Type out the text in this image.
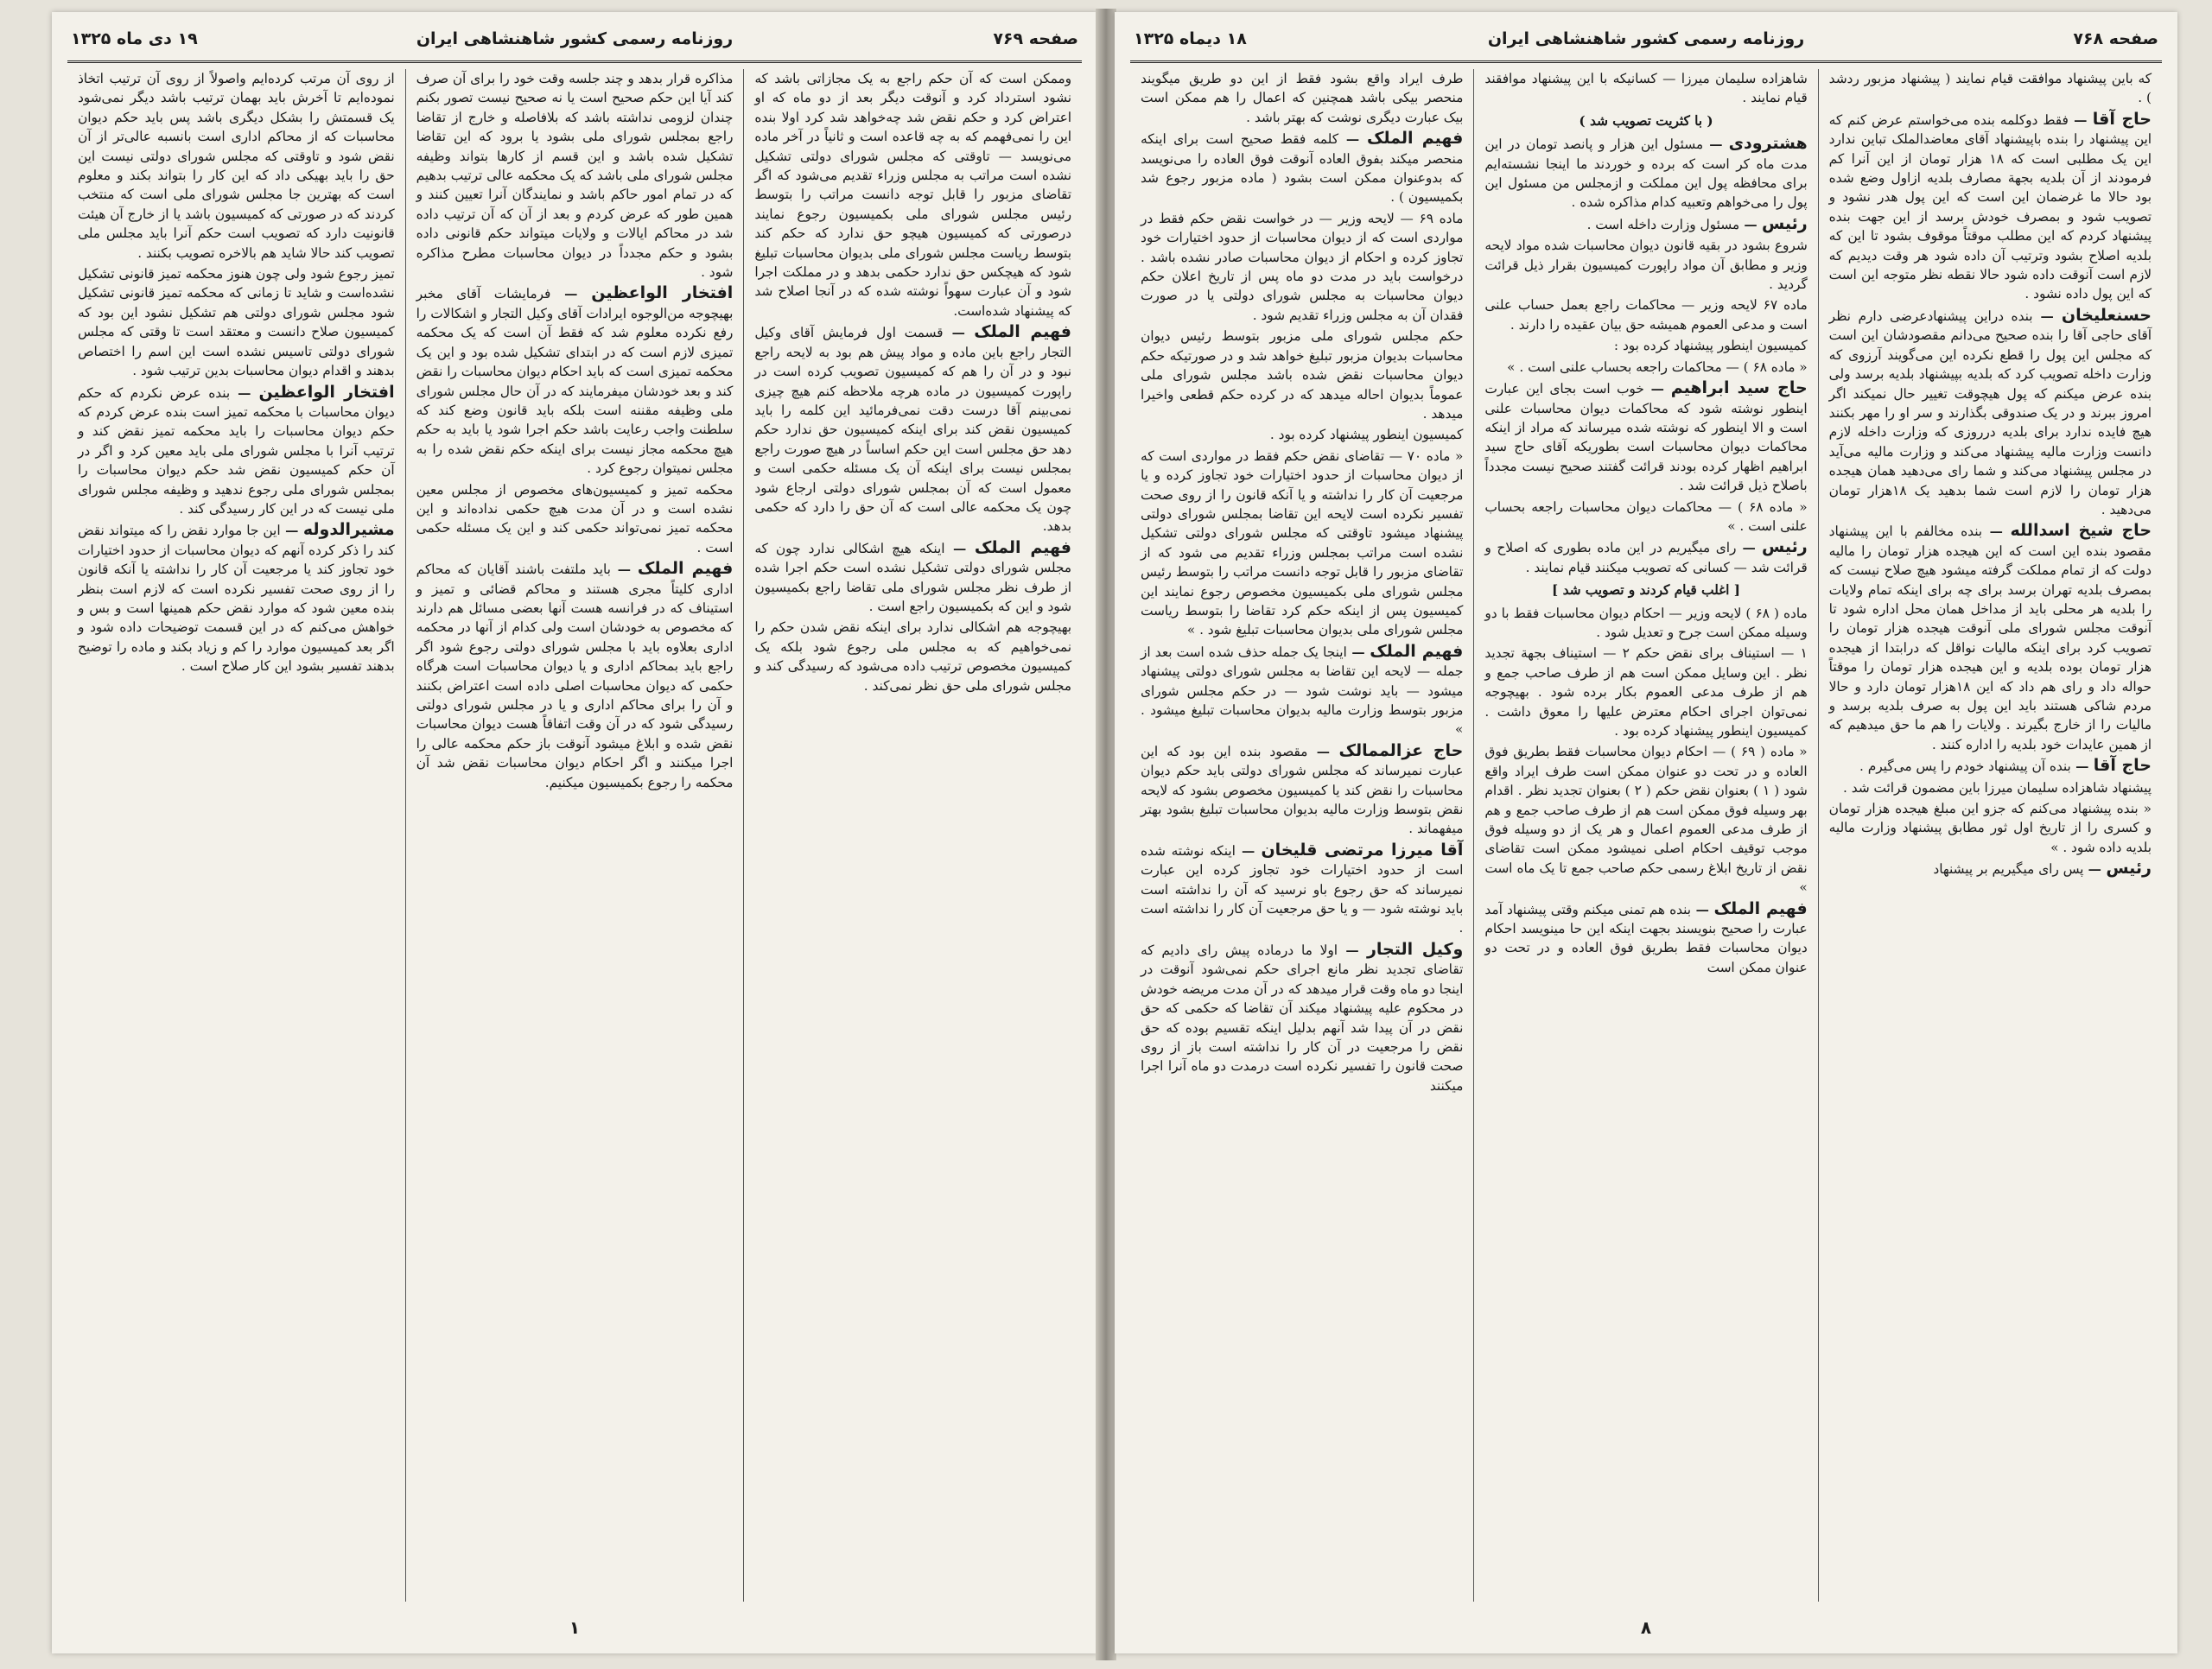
صفحه ۷۶۹
روزنامه رسمی کشور شاهنشاهی ایران
۱۹ دی ماه ۱۳۲۵

وممکن است که آن حکم راجع به یک مجازاتی باشد که نشود استرداد کرد و آنوقت دیگر بعد از دو ماه که او اعتراض کرد و حکم نقض شد چه‌خواهد شد کرد اولا بنده این را نمی‌فهمم که به چه قاعده است و ثانیاً در آخر ماده می‌نویسد — تاوقتی که مجلس شورای دولتی تشکیل نشده است مراتب به مجلس وزراء تقدیم می‌شود که اگر تقاضای مزبور را قابل توجه دانست مراتب را بتوسط رئیس مجلس شورای ملی بکمیسیون رجوع نمایند درصورتی که کمیسیون هیچو حق ندارد که حکم کند بتوسط ریاست مجلس شورای ملی بدیوان محاسبات تبلیغ شود که هیچکس حق ندارد حکمی بدهد و در مملکت اجرا شود و آن عبارت سهواً نوشته شده که در آنجا اصلاح شد که پیشنهاد شده‌است.

فهیم الملک — قسمت اول فرمایش آقای وکیل التجار راجع باین ماده و مواد پیش هم بود به لایحه راجع نبود و در آن را هم که کمیسیون تصویب کرده است در راپورت کمیسیون در ماده هرچه ملاحظه کنم هیچ چیزی نمی‌بینم آقا درست دقت نمی‌فرمائید این کلمه را باید کمیسیون نقض کند برای اینکه کمیسیون حق ندارد حکم دهد حق مجلس است این حکم اساساً در هیچ صورت راجع بمجلس نیست برای اینکه آن یک مسئله حکمی است و معمول است که آن بمجلس شورای دولتی ارجاع شود چون یک محکمه عالی است که آن حق را دارد که حکمی بدهد.

فهیم الملک — اینکه هیچ اشکالی ندارد چون که مجلس شورای دولتی تشکیل نشده است حکم اجرا شده از طرف نظر مجلس شورای ملی تقاضا راجع بکمیسیون شود و این که بکمیسیون راجع است .

بهیچوجه هم اشکالی ندارد برای اینکه نقض شدن حکم را نمی‌خواهیم که به مجلس ملی رجوع شود بلکه یک کمیسیون مخصوص ترتیب داده می‌شود که رسیدگی کند و مجلس شورای ملی حق نظر نمی‌کند .

مذاکره قرار بدهد و چند جلسه وقت خود را برای آن صرف کند آیا این حکم صحیح است یا نه صحیح نیست تصور بکنم چندان لزومی نداشته باشد که بلافاصله و خارج از تقاضا راجع بمجلس شورای ملی بشود یا برود که این تقاضا تشکیل شده باشد و این قسم از کارها بتواند وظیفه مجلس شورای ملی باشد که یک محکمه عالی ترتیب بدهیم که در تمام امور حاکم باشد و نمایندگان آنرا تعیین کنند و همین طور که عرض کردم و بعد از آن که آن ترتیب داده شد در محاکم ایالات و ولایات میتواند حکم قانونی داده بشود و حکم مجدداً در دیوان محاسبات مطرح مذاکره شود .

افتخار الواعظین — فرمایشات آقای مخبر بهیچوجه من‌الوجوه ایرادات آقای وکیل التجار و اشکالات را رفع نکرده معلوم شد که فقط آن است که یک محکمه تمیزی لازم است که در ابتدای تشکیل شده بود و این یک محکمه تمیزی است که باید احکام دیوان محاسبات را نقض کند و بعد خودشان میفرمایند که در آن حال مجلس شورای ملی وظیفه مقننه است بلکه باید قانون وضع کند که سلطنت واجب رعایت باشد حکم اجرا شود یا باید به حکم هیچ محکمه مجاز نیست برای اینکه حکم نقض شده را به مجلس نمیتوان رجوع کرد .

محکمه تمیز و کمیسیون‌های مخصوص از مجلس معین نشده است و در آن مدت هیچ حکمی نداده‌اند و این محکمه تمیز نمی‌تواند حکمی کند و این یک مسئله حکمی است .

فهیم الملک — باید ملتفت باشند آقایان که محاکم اداری کلیتاً مجری هستند و محاکم قضائی و تمیز و استیناف که در فرانسه هست آنها بعضی مسائل هم دارند که مخصوص به خودشان است ولی کدام از آنها در محکمه اداری بعلاوه باید با مجلس شورای دولتی رجوع شود اگر راجع باید بمحاکم اداری و یا دیوان محاسبات است هرگاه حکمی که دیوان محاسبات اصلی داده است اعتراض بکنند و آن را برای محاکم اداری و یا در مجلس شورای دولتی رسیدگی شود که در آن وقت اتفاقاً هست دیوان محاسبات نقض شده و ابلاغ میشود آنوقت باز حکم محکمه عالی را اجرا میکنند و اگر احکام دیوان محاسبات نقض شد آن محکمه را رجوع بکمیسیون میکنیم.

از روی آن مرتب کرده‌ایم واصولاً از روی آن ترتیب اتخاذ نموده‌ایم تا آخرش باید بهمان ترتیب باشد دیگر نمی‌شود یک قسمتش را بشکل دیگری باشد پس باید حکم دیوان محاسبات که از محاکم اداری است با‌نسبه عالی‌تر از آن نقض شود و تاوقتی که مجلس شورای دولتی نیست این حق را باید بهیکی داد که این کار را بتواند بکند و معلوم است که بهترین جا مجلس شورای ملی است که منتخب کردند که در صورتی که کمیسیون باشد یا از خارج آن هیئت قانونیت دارد که تصویب است حکم آنرا باید مجلس ملی تصویب کند حالا شاید هم بالاخره تصویب بکنند .

تمیز رجوع شود ولی چون هنوز محکمه تمیز قانونی تشکیل نشده‌است و شاید تا زمانی که محکمه تمیز قانونی تشکیل شود مجلس شورای دولتی هم تشکیل نشود این بود که کمیسیون صلاح دانست و معتقد است تا وقتی که مجلس شورای دولتی تاسیس نشده است این اسم را اختصاص بدهند و اقدام دیوان محاسبات بدین ترتیب شود .

افتخار الواعظین — بنده عرض نکردم که حکم دیوان محاسبات با محکمه تمیز است بنده عرض کردم که حکم دیوان محاسبات را باید محکمه تمیز نقض کند و ترتیب آنرا با مجلس شورای ملی باید معین کرد و اگر در آن حکم کمیسیون نقض شد حکم دیوان محاسبات را بمجلس شورای ملی رجوع ندهید و وظیفه مجلس شورای ملی نیست که در این کار رسیدگی کند .

مشیرالدوله — این جا موارد نقض را که میتواند نقض کند را ذکر کرده آنهم که دیوان محاسبات از حدود اختیارات خود تجاوز کند یا مرجعیت آن کار را نداشته یا آنکه قانون را از روی صحت تفسیر نکرده است که لازم است بنظر بنده معین شود که موارد نقض حکم همینها است و بس و خواهش می‌کنم که در این قسمت توضیحات داده شود و اگر بعد کمیسیون موارد را کم و زیاد بکند و ماده را توضیح بدهند تفسیر بشود این کار صلاح است .

۱
صفحه ۷۶۸
روزنامه رسمی کشور شاهنشاهی ایران
۱۸ دیماه ۱۳۲۵

که باین پیشنهاد موافقت قیام نمایند ( پیشنهاد مزبور ردشد ) .

حاج آقا — فقط دوکلمه بنده می‌خواستم عرض کنم که این پیشنهاد را بنده باپیشنهاد آقای معاضدالملک تباین ندارد این یک مطلبی است که ۱۸ هزار تومان از این آنرا کم فرمودند از آن بلدیه بجهة مصارف بلدیه ازاول وضع شده بود حالا ما غرضمان این است که این پول هدر نشود و تصویب شود و بمصرف خودش برسد از این جهت بنده پیشنهاد کردم که این مطلب موقتاً موقوف بشود تا این که بلدیه اصلاح بشود وترتیب آن داده شود هر وقت دیدیم که لازم است آنوقت داده شود حالا نقطه نظر متوجه این است که این پول داده نشود .

حسنعلیخان — بنده دراین پیشنهادعرضی دارم نظر آقای حاجی آقا را بنده صحیح می‌دانم مقصودشان این است که مجلس این پول را قطع نکرده این می‌گویند آرزوی که وزارت داخله تصویب کرد که بلدیه بپیشنهاد بلدیه برسد ولی بنده عرض میکنم که پول هیچوقت تغییر حال نمیکند اگر امروز ببرند و در یک صندوقی بگذارند و سر او را مهر بکنند هیچ فایده ندارد برای بلدیه درروزی که وزارت داخله لازم دانست وزارت مالیه پیشنهاد می‌کند و وزارت مالیه می‌آید در مجلس پیشنهاد می‌کند و شما رای می‌دهید همان هیجده هزار تومان را لازم است شما بدهید یک ۱۸هزار تومان می‌دهید .

حاج شیخ اسدالله — بنده مخالفم با این پیشنهاد مقصود بنده این است که این هیجده هزار تومان را مالیه دولت که از تمام مملکت گرفته میشود هیچ صلاح نیست که بمصرف بلدیه تهران برسد برای چه برای اینکه تمام ولایات را بلدیه هر محلی باید از مداخل همان محل اداره شود تا آنوقت مجلس شورای ملی آنوقت هیجده هزار تومان را تصویب کرد برای اینکه مالیات نواقل که درابتدا از هیجده هزار تومان بوده بلدیه و این هیجده هزار تومان را موقتاً حواله داد و رای هم داد که این ۱۸هزار تومان دارد و حالا مردم شاکی هستند باید این پول به صرف بلدیه برسد و مالیات را از خارج بگیرند . ولایات را هم ما حق میدهیم که از همین عایدات خود بلدیه را اداره کنند .

حاج آقا — بنده آن پیشنهاد خودم را پس می‌گیرم .

پیشنهاد شاهزاده سلیمان میرزا باین مضمون قرائت شد .

« بنده پیشنهاد می‌کنم که جزو این مبلغ هیجده هزار تومان و کسری را از تاریخ اول ثور مطابق پیشنهاد وزارت مالیه بلدیه داده شود . »

رئیس — پس رای میگیریم بر پیشنهاد

شاهزاده سلیمان میرزا — کسانیکه با این پیشنهاد موافقند قیام نمایند .

( با کثریت تصویب شد )

هشترودی — مسئول این هزار و پانصد تومان در این مدت ماه کر است که برده و خوردند ما اینجا نشسته‌ایم برای محافظه پول این مملکت و ازمجلس من مسئول این پول را می‌خواهم وتعبیه کدام مذاکره شده .

رئیس — مسئول وزارت داخله است .

شروع بشود در بقیه قانون دیوان محاسبات شده مواد لایحه وزیر و مطابق آن مواد راپورت کمیسیون بقرار ذیل قرائت گردید .

ماده ۶۷ لایحه وزیر — محاکمات راجع بعمل حساب علنی است و مدعی العموم همیشه حق بیان عقیده را دارند .

کمیسیون اینطور پیشنهاد کرده بود :

« ماده ۶۸ ) — محاکمات راجعه بحساب علنی است . »

حاج سید ابراهیم — خوب است بجای این عبارت اینطور نوشته شود که محاکمات دیوان محاسبات علنی است و الا اینطور که نوشته شده میرساند که مراد از اینکه محاکمات دیوان محاسبات است بطوریکه آقای حاج سید ابراهیم اظهار کرده بودند قرائت گفتند صحیح نیست مجدداً باصلاح ذیل قرائت شد .

« ماده ۶۸ ) — محاکمات دیوان محاسبات راجعه بحساب علنی است . »

رئیس — رای میگیریم در این ماده بطوری که اصلاح و قرائت شد — کسانی که تصویب میکنند قیام نمایند .

[ اغلب قیام کردند و تصویب شد ]

ماده ( ۶۸ ) لایحه وزیر — احکام دیوان محاسبات فقط با دو وسیله ممکن است جرح و تعدیل شود .

۱ — استیناف برای نقض حکم ۲ — استیناف بجهة تجدید نظر . این وسایل ممکن است هم از طرف صاحب جمع و هم از طرف مدعی العموم بکار برده شود . بهیچوجه نمی‌توان اجرای احکام معترض علیها را معوق داشت . کمیسیون اینطور پیشنهاد کرده بود .

« ماده ( ۶۹ ) — احکام دیوان محاسبات فقط بطریق فوق العاده و در تحت دو عنوان ممکن است طرف ایراد واقع شود ( ۱ ) بعنوان نقض حکم ( ۲ ) بعنوان تجدید نظر . اقدام بهر وسیله فوق ممکن است هم از طرف صاحب جمع و هم از طرف مدعی العموم اعمال و هر یک از دو وسیله فوق موجب توقیف احکام اصلی نمیشود ممکن است تقاضای نقض از تاریخ ابلاغ رسمی حکم صاحب جمع تا یک ماه است »

فهیم الملک — بنده هم تمنی میکنم وقتی پیشنهاد آمد عبارت را صحیح بنویسند بجهت اینکه این حا مینویسد احکام دیوان محاسبات فقط بطریق فوق العاده و در تحت دو عنوان ممکن است

طرف ایراد واقع بشود فقط از این دو طریق میگویند منحصر بیکی باشد همچنین که اعمال را هم ممکن است بیک عبارت دیگری نوشت که بهتر باشد .

فهیم الملک — کلمه فقط صحیح است برای اینکه منحصر میکند بفوق العاده آنوقت فوق العاده را می‌نویسد که بدوعنوان ممکن است بشود ( ماده مزبور رجوع شد بکمیسیون ) .

ماده ۶۹ — لایحه وزیر — در خواست نقض حکم فقط در مواردی است که از دیوان محاسبات از حدود اختیارات خود تجاوز کرده و احکام از دیوان محاسبات صادر نشده باشد . درخواست باید در مدت دو ماه پس از تاریخ اعلان حکم دیوان محاسبات به مجلس شورای دولتی یا در صورت فقدان آن به مجلس وزراء تقدیم شود .

حکم مجلس شورای ملی مزبور بتوسط رئیس دیوان محاسبات بدیوان مزبور تبلیغ خواهد شد و در صورتیکه حکم دیوان محاسبات نقض شده باشد مجلس شورای ملی عموماً بدیوان احاله میدهد که در کرده حکم قطعی واخیرا میدهد .

کمیسیون اینطور پیشنهاد کرده بود .

« ماده ۷۰ — تقاضای نقض حکم فقط در مواردی است که از دیوان محاسبات از حدود اختیارات خود تجاوز کرده و یا مرجعیت آن کار را نداشته و یا آنکه قانون را از روی صحت تفسیر نکرده است لایحه این تقاضا بمجلس شورای دولتی پیشنهاد میشود تاوقتی که مجلس شورای دولتی تشکیل نشده است مراتب بمجلس وزراء تقدیم می شود که از تقاضای مزبور را قابل توجه دانست مراتب را بتوسط رئیس مجلس شورای ملی بکمیسیون مخصوص رجوع نمایند این کمیسیون پس از اینکه حکم کرد تقاضا را بتوسط ریاست مجلس شورای ملی بدیوان محاسبات تبلیغ شود . »

فهیم الملک — اینجا یک جمله حذف شده است بعد از جمله — لایحه این تقاضا به مجلس شورای دولتی پیشنهاد میشود — باید نوشت شود — در حکم مجلس شورای مزبور بتوسط وزارت مالیه بدیوان محاسبات تبلیغ میشود . »

حاج عزالممالک — مقصود بنده این بود که این عبارت نمیرساند که مجلس شورای دولتی باید حکم دیوان محاسبات را نقض کند یا کمیسیون مخصوص بشود که لایحه نقض بتوسط وزارت مالیه بدیوان محاسبات تبلیغ بشود بهتر میفهماند .

آقا میرزا مرتضی قلیخان — اینکه نوشته شده است از حدود اختیارات خود تجاوز کرده این عبارت نمیرساند که حق رجوع باو نرسید که آن را نداشته است باید نوشته شود — و یا حق مرجعیت آن کار را نداشته است .

وکیل التجار — اولا ما درماده پیش رای دادیم که تقاضای تجدید نظر مانع اجرای حکم نمی‌شود آنوقت در اینجا دو ماه وقت قرار میدهد که در آن مدت مریضه خودش در محکوم علیه پیشنهاد میکند آن تقاضا که حکمی که حق نقض در آن پیدا شد آنهم بدلیل اینکه تقسیم بوده که حق نقض را مرجعیت در آن کار را نداشته است باز از روی صحت قانون را تفسیر نکرده است درمدت دو ماه آنرا اجرا میکنند

۸
